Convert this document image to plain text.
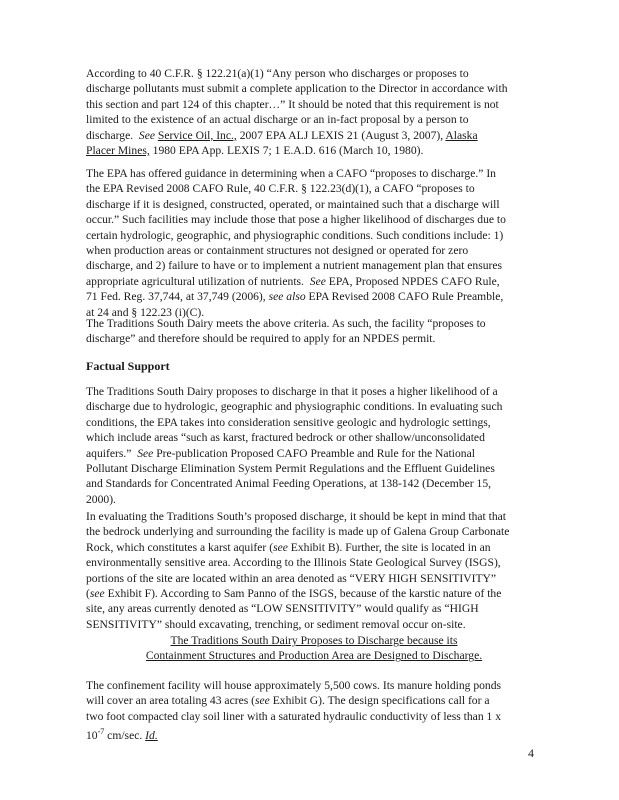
According to 40 C.F.R. § 122.21(a)(1) “Any person who discharges or proposes to
discharge pollutants must submit a complete application to the Director in accordance with
this section and part 124 of this chapter…” It should be noted that this requirement is not
limited to the existence of an actual discharge or an in-fact proposal by a person to
discharge. See Service Oil, Inc., 2007 EPA ALJ LEXIS 21 (August 3, 2007), Alaska
Placer Mines, 1980 EPA App. LEXIS 7; 1 E.A.D. 616 (March 10, 1980).

The EPA has offered guidance in determining when a CAFO “proposes to discharge.” In
the EPA Revised 2008 CAFO Rule, 40 C.F.R. § 122.23(d)(1), a CAFO “proposes to
discharge if it is designed, constructed, operated, or maintained such that a discharge will
occur.” Such facilities may include those that pose a higher likelihood of discharges due to
certain hydrologic, geographic, and physiographic conditions. Such conditions include: 1)
when production areas or containment structures not designed or operated for zero
discharge, and 2) failure to have or to implement a nutrient management plan that ensures
appropriate agricultural utilization of nutrients. See EPA, Proposed NPDES CAFO Rule,
71 Fed. Reg. 37,744, at 37,749 (2006), see also EPA Revised 2008 CAFO Rule Preamble,
at 24 and § 122.23 (i)(C).

The Traditions South Dairy meets the above criteria. As such, the facility “proposes to
discharge” and therefore should be required to apply for an NPDES permit.

Factual Support

The Traditions South Dairy proposes to discharge in that it poses a higher likelihood of a
discharge due to hydrologic, geographic and physiographic conditions. In evaluating such
conditions, the EPA takes into consideration sensitive geologic and hydrologic settings,
which include areas “such as karst, fractured bedrock or other shallow/unconsolidated
aquifers.” See Pre-publication Proposed CAFO Preamble and Rule for the National
Pollutant Discharge Elimination System Permit Regulations and the Effluent Guidelines
and Standards for Concentrated Animal Feeding Operations, at 138-142 (December 15,
2000).

In evaluating the Traditions South’s proposed discharge, it should be kept in mind that that
the bedrock underlying and surrounding the facility is made up of Galena Group Carbonate
Rock, which constitutes a karst aquifer (see Exhibit B). Further, the site is located in an
environmentally sensitive area. According to the Illinois State Geological Survey (ISGS),
portions of the site are located within an area denoted as “VERY HIGH SENSITIVITY”
(see Exhibit F). According to Sam Panno of the ISGS, because of the karstic nature of the
site, any areas currently denoted as “LOW SENSITIVITY” would qualify as “HIGH
SENSITIVITY” should excavating, trenching, or sediment removal occur on-site.

The Traditions South Dairy Proposes to Discharge because its
Containment Structures and Production Area are Designed to Discharge.

The confinement facility will house approximately 5,500 cows. Its manure holding ponds
will cover an area totaling 43 acres (see Exhibit G). The design specifications call for a
two foot compacted clay soil liner with a saturated hydraulic conductivity of less than 1 x
$10^{-7}$ cm/sec. Id.

4
